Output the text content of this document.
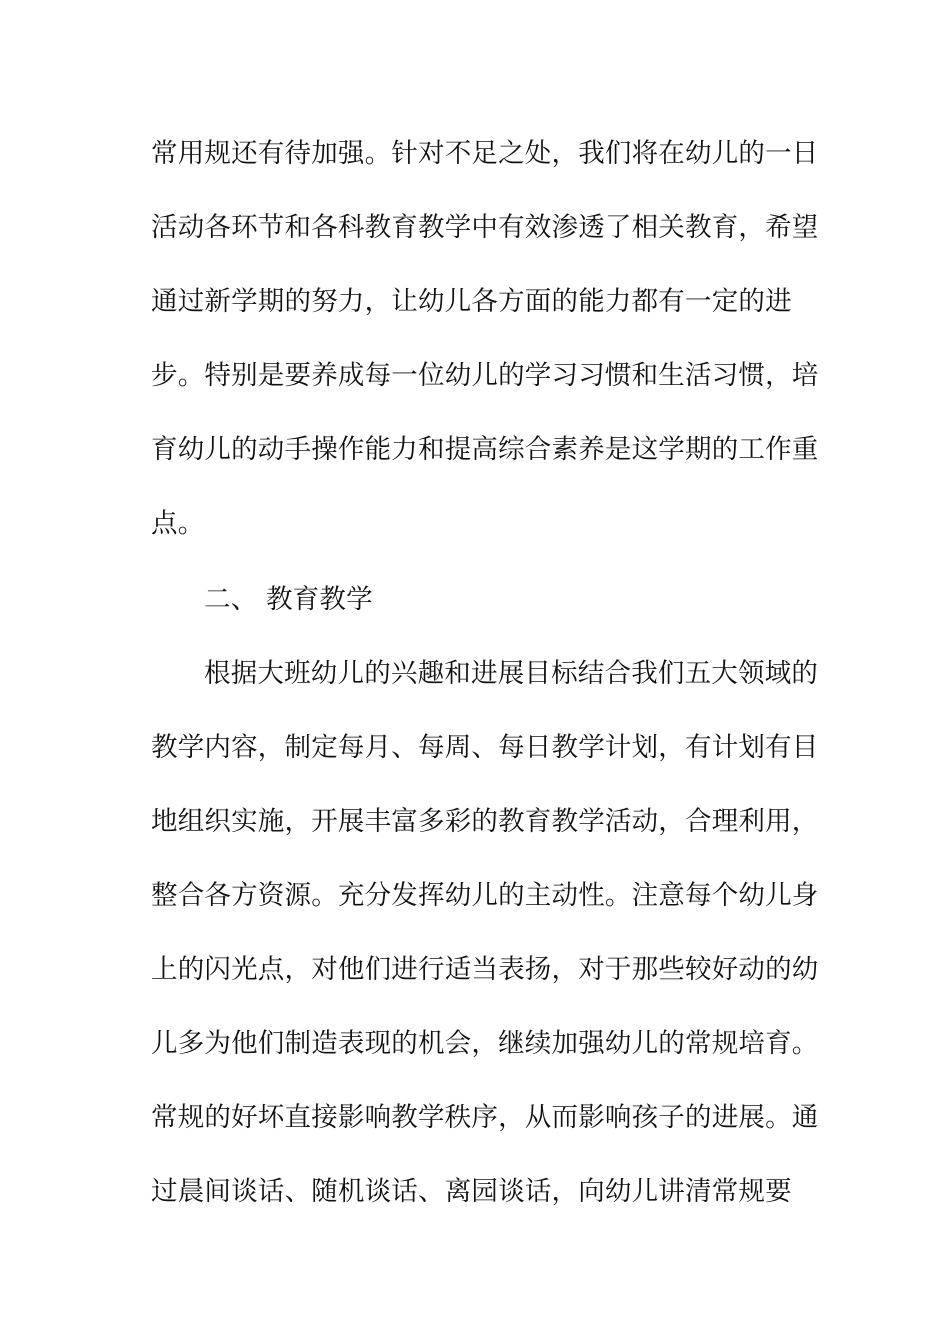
常用规还有待加强。针对不足之处，我们将在幼儿的一日
活动各环节和各科教育教学中有效渗透了相关教育，希望
通过新学期的努力，让幼儿各方面的能力都有一定的进
步。特别是要养成每一位幼儿的学习习惯和生活习惯，培
育幼儿的动手操作能力和提高综合素养是这学期的工作重
点。
二、 教育教学
根据大班幼儿的兴趣和进展目标结合我们五大领域的
教学内容，制定每月、每周、每日教学计划，有计划有目
地组织实施，开展丰富多彩的教育教学活动，合理利用，
整合各方资源。充分发挥幼儿的主动性。注意每个幼儿身
上的闪光点，对他们进行适当表扬，对于那些较好动的幼
儿多为他们制造表现的机会，继续加强幼儿的常规培育。
常规的好坏直接影响教学秩序，从而影响孩子的进展。通
过晨间谈话、随机谈话、离园谈话，向幼儿讲清常规要
